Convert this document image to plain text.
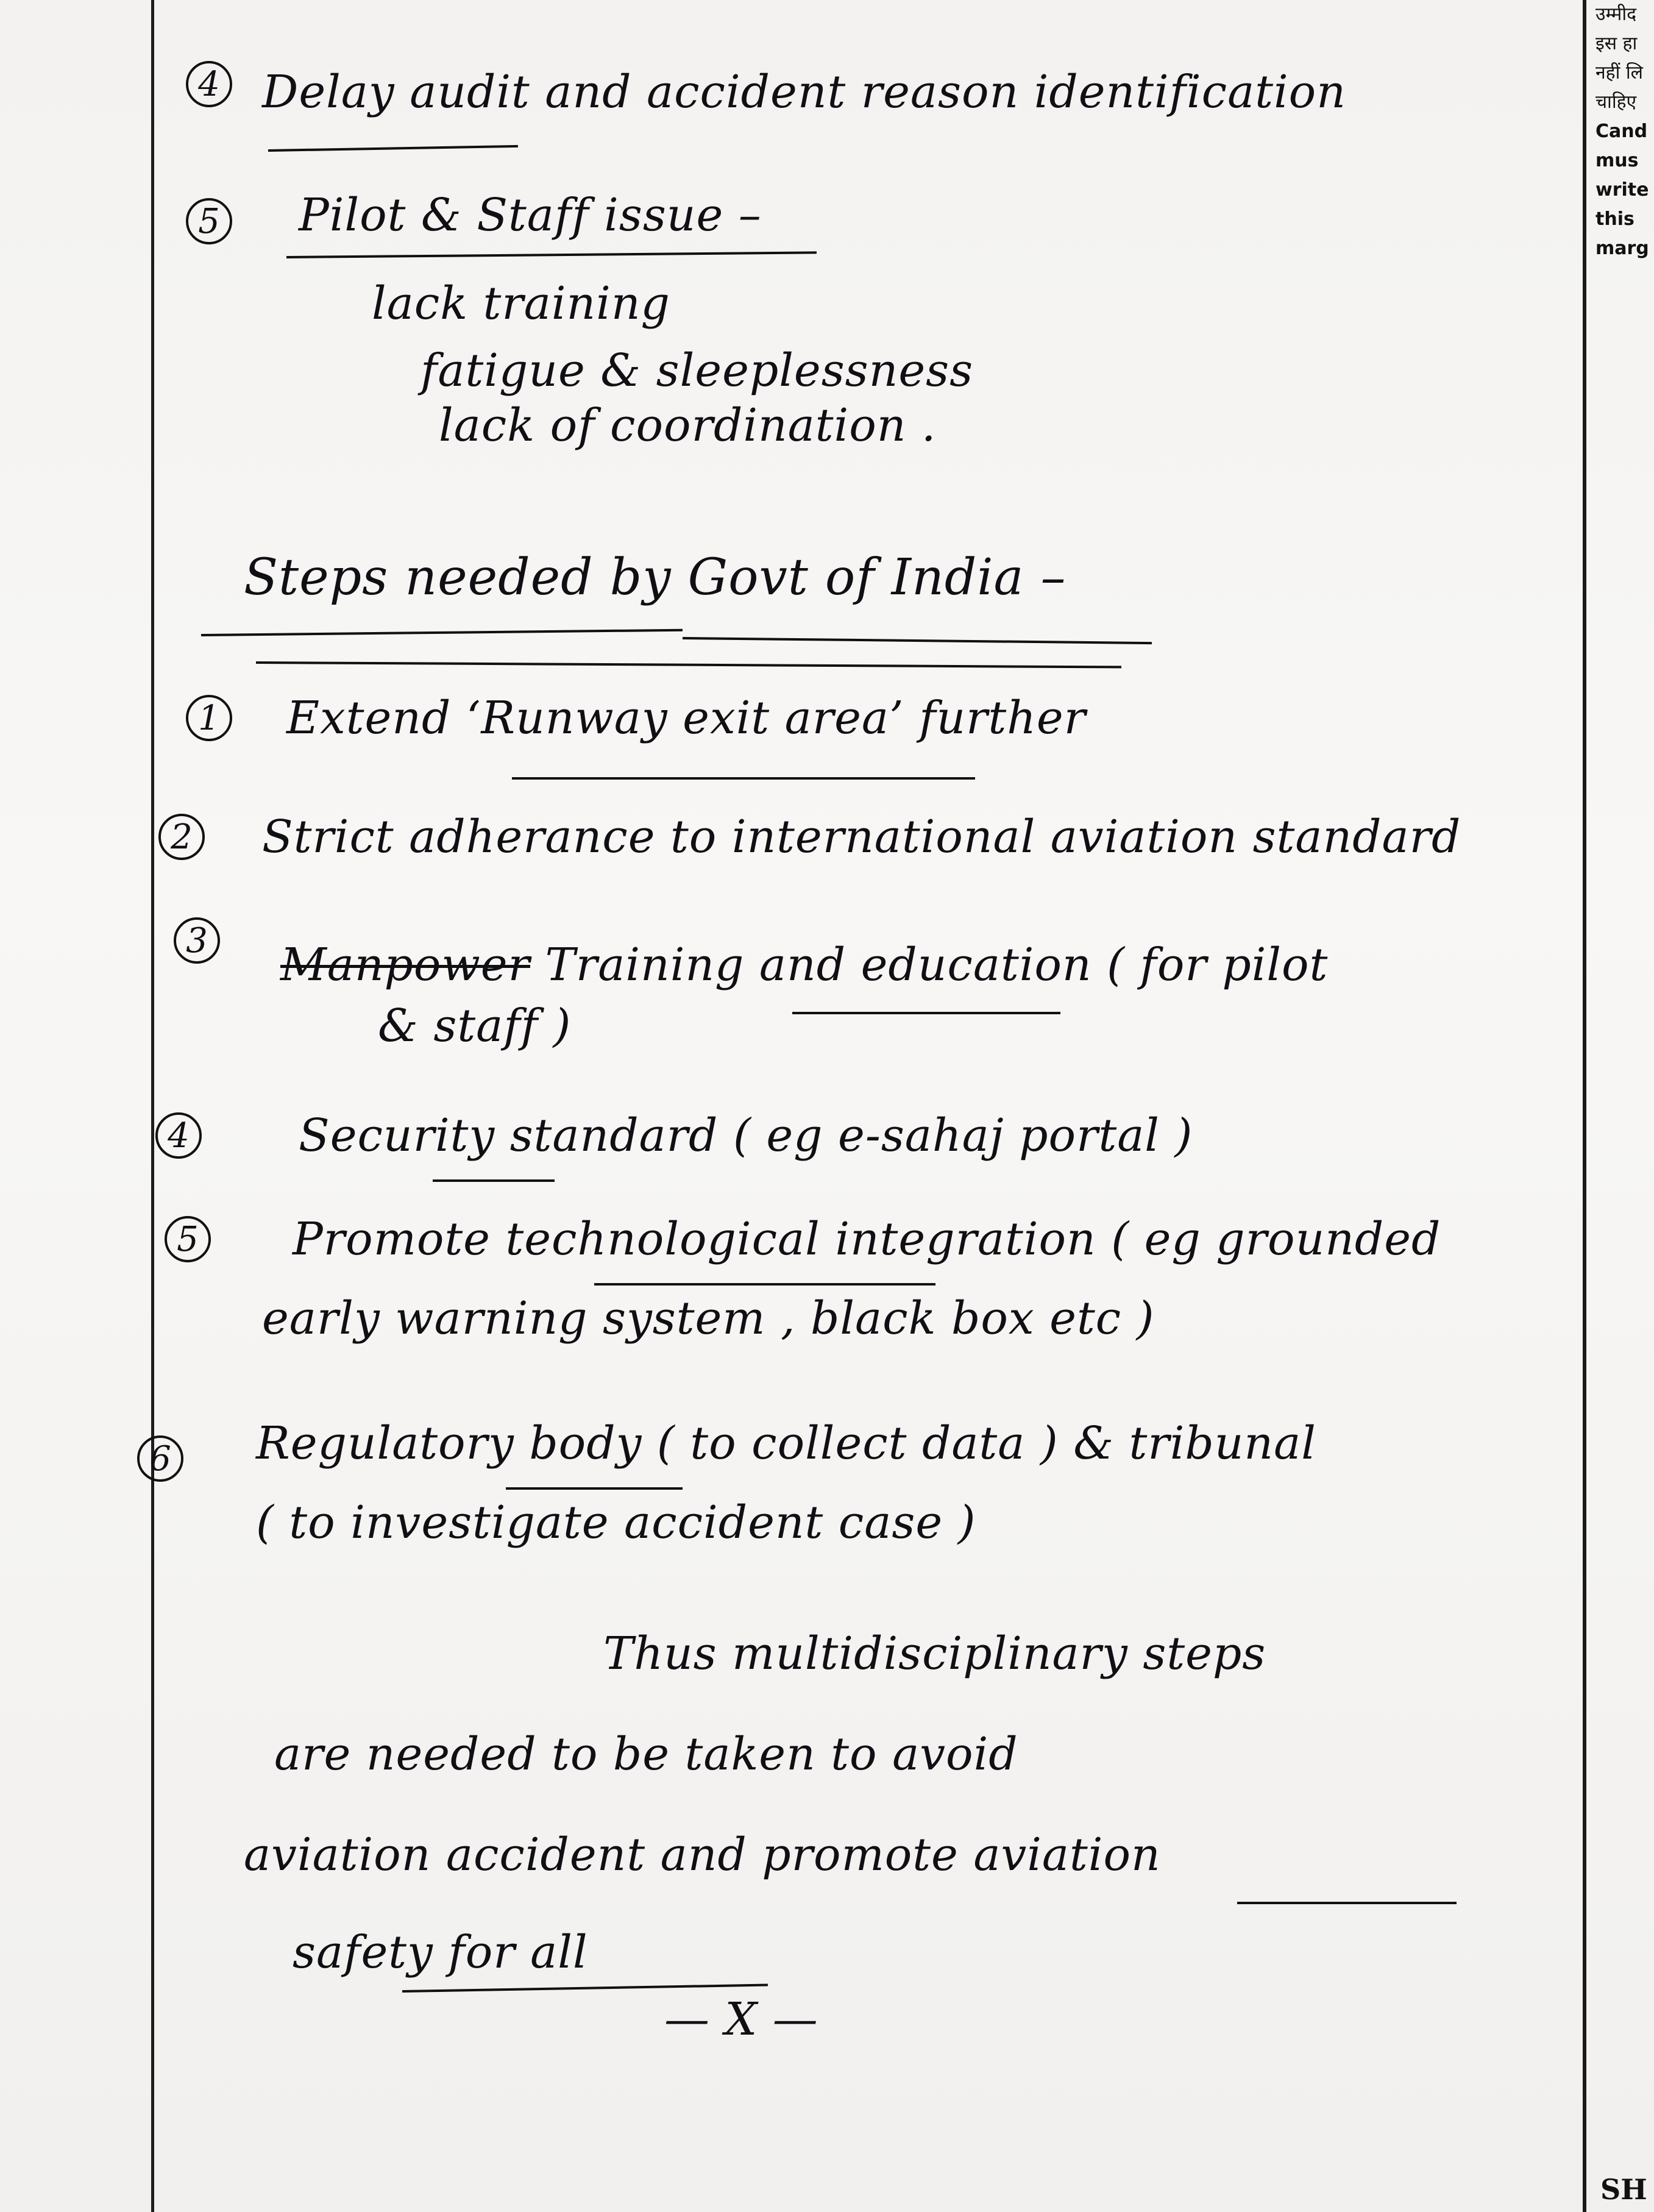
उम्मीद
इस हा
नहीं लि
चाहिए
Cand
mus
write
this
marg
SH
4 Delay audit and accident reason identification
5 Pilot & Staff issue –
lack training
fatigue & sleeplessness
lack of coordination .
Steps needed by Govt of India –
1 Extend ‘Runway exit area’ further
2 Strict adherance to international aviation standard
3 Manpower Training and education ( for pilot
& staff )
4 Security standard ( eg e-sahaj portal )
5 Promote technological integration ( eg grounded
early warning system , black box etc )
6 Regulatory body ( to collect data ) & tribunal
( to investigate accident case )
Thus multidisciplinary steps
are needed to be taken to avoid
aviation accident and promote aviation
safety for all
— X —
